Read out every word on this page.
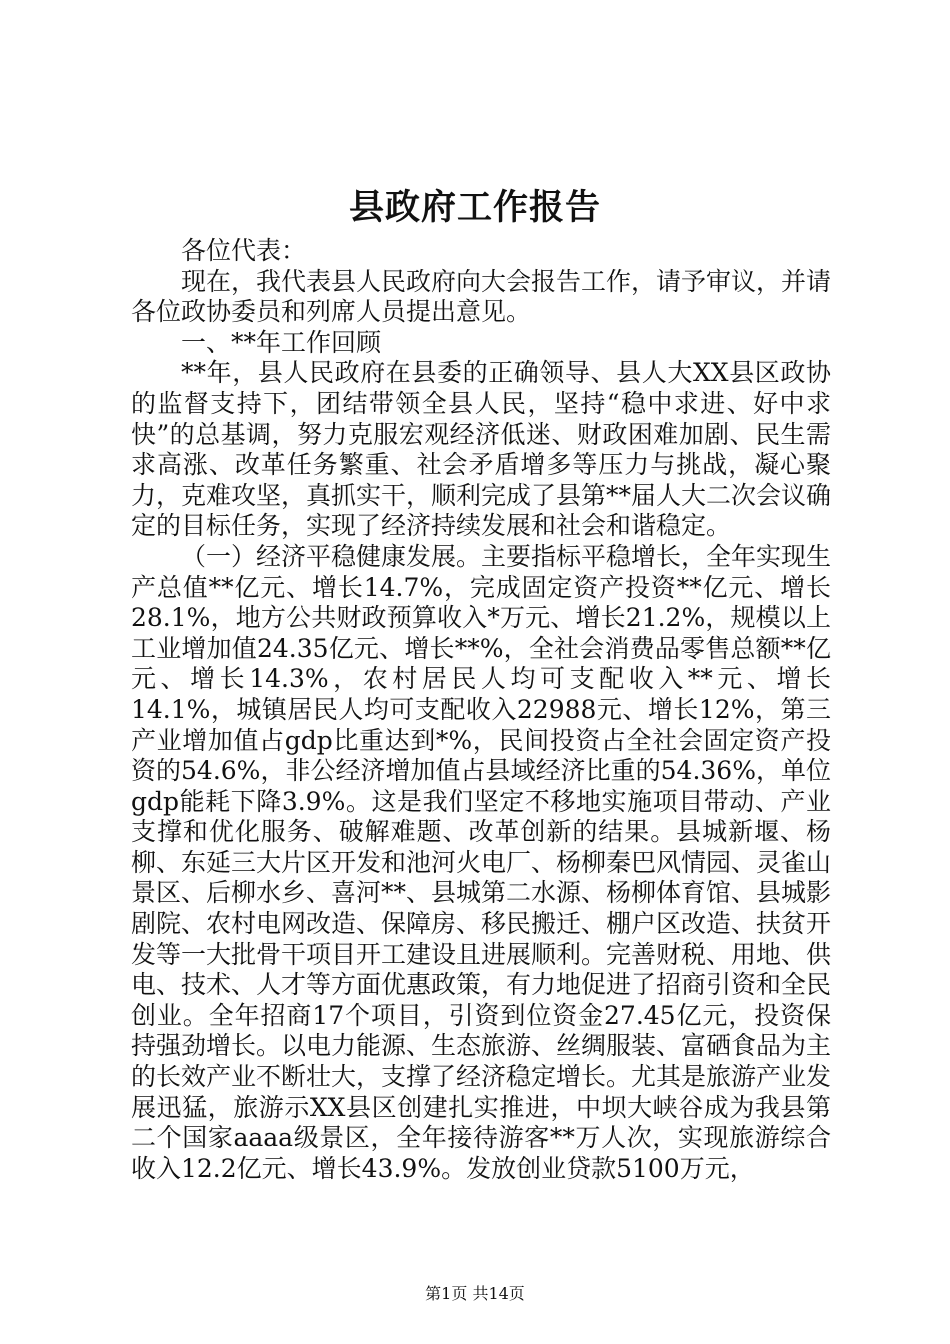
县政府工作报告

各位代表：

现在，我代表县人民政府向大会报告工作，请予审议，并请各位政协委员和列席人员提出意见。

一、**年工作回顾

**年，县人民政府在县委的正确领导、县人大XX县区政协的监督支持下，团结带领全县人民，坚持“稳中求进、好中求快”的总基调，努力克服宏观经济低迷、财政困难加剧、民生需求高涨、改革任务繁重、社会矛盾增多等压力与挑战，凝心聚力，克难攻坚，真抓实干，顺利完成了县第**届人大二次会议确定的目标任务，实现了经济持续发展和社会和谐稳定。

（一）经济平稳健康发展。主要指标平稳增长，全年实现生产总值**亿元、增长14.7%，完成固定资产投资**亿元、增长28.1%，地方公共财政预算收入*万元、增长21.2%，规模以上工业增加值24.35亿元、增长**%，全社会消费品零售总额**亿元、增长14.3%，农村居民人均可支配收入**元、增长14.1%，城镇居民人均可支配收入22988元、增长12%，第三产业增加值占gdp比重达到*%，民间投资占全社会固定资产投资的54.6%，非公经济增加值占县域经济比重的54.36%，单位gdp能耗下降3.9%。这是我们坚定不移地实施项目带动、产业支撑和优化服务、破解难题、改革创新的结果。县城新堰、杨柳、东延三大片区开发和池河火电厂、杨柳秦巴风情园、灵雀山景区、后柳水乡、喜河**、县城第二水源、杨柳体育馆、县城影剧院、农村电网改造、保障房、移民搬迁、棚户区改造、扶贫开发等一大批骨干项目开工建设且进展顺利。完善财税、用地、供电、技术、人才等方面优惠政策，有力地促进了招商引资和全民创业。全年招商17个项目，引资到位资金27.45亿元，投资保持强劲增长。以电力能源、生态旅游、丝绸服装、富硒食品为主的长效产业不断壮大，支撑了经济稳定增长。尤其是旅游产业发展迅猛，旅游示XX县区创建扎实推进，中坝大峡谷成为我县第二个国家aaaa级景区，全年接待游客**万人次，实现旅游综合收入12.2亿元、增长43.9%。发放创业贷款5100万元，

第1页 共14页
